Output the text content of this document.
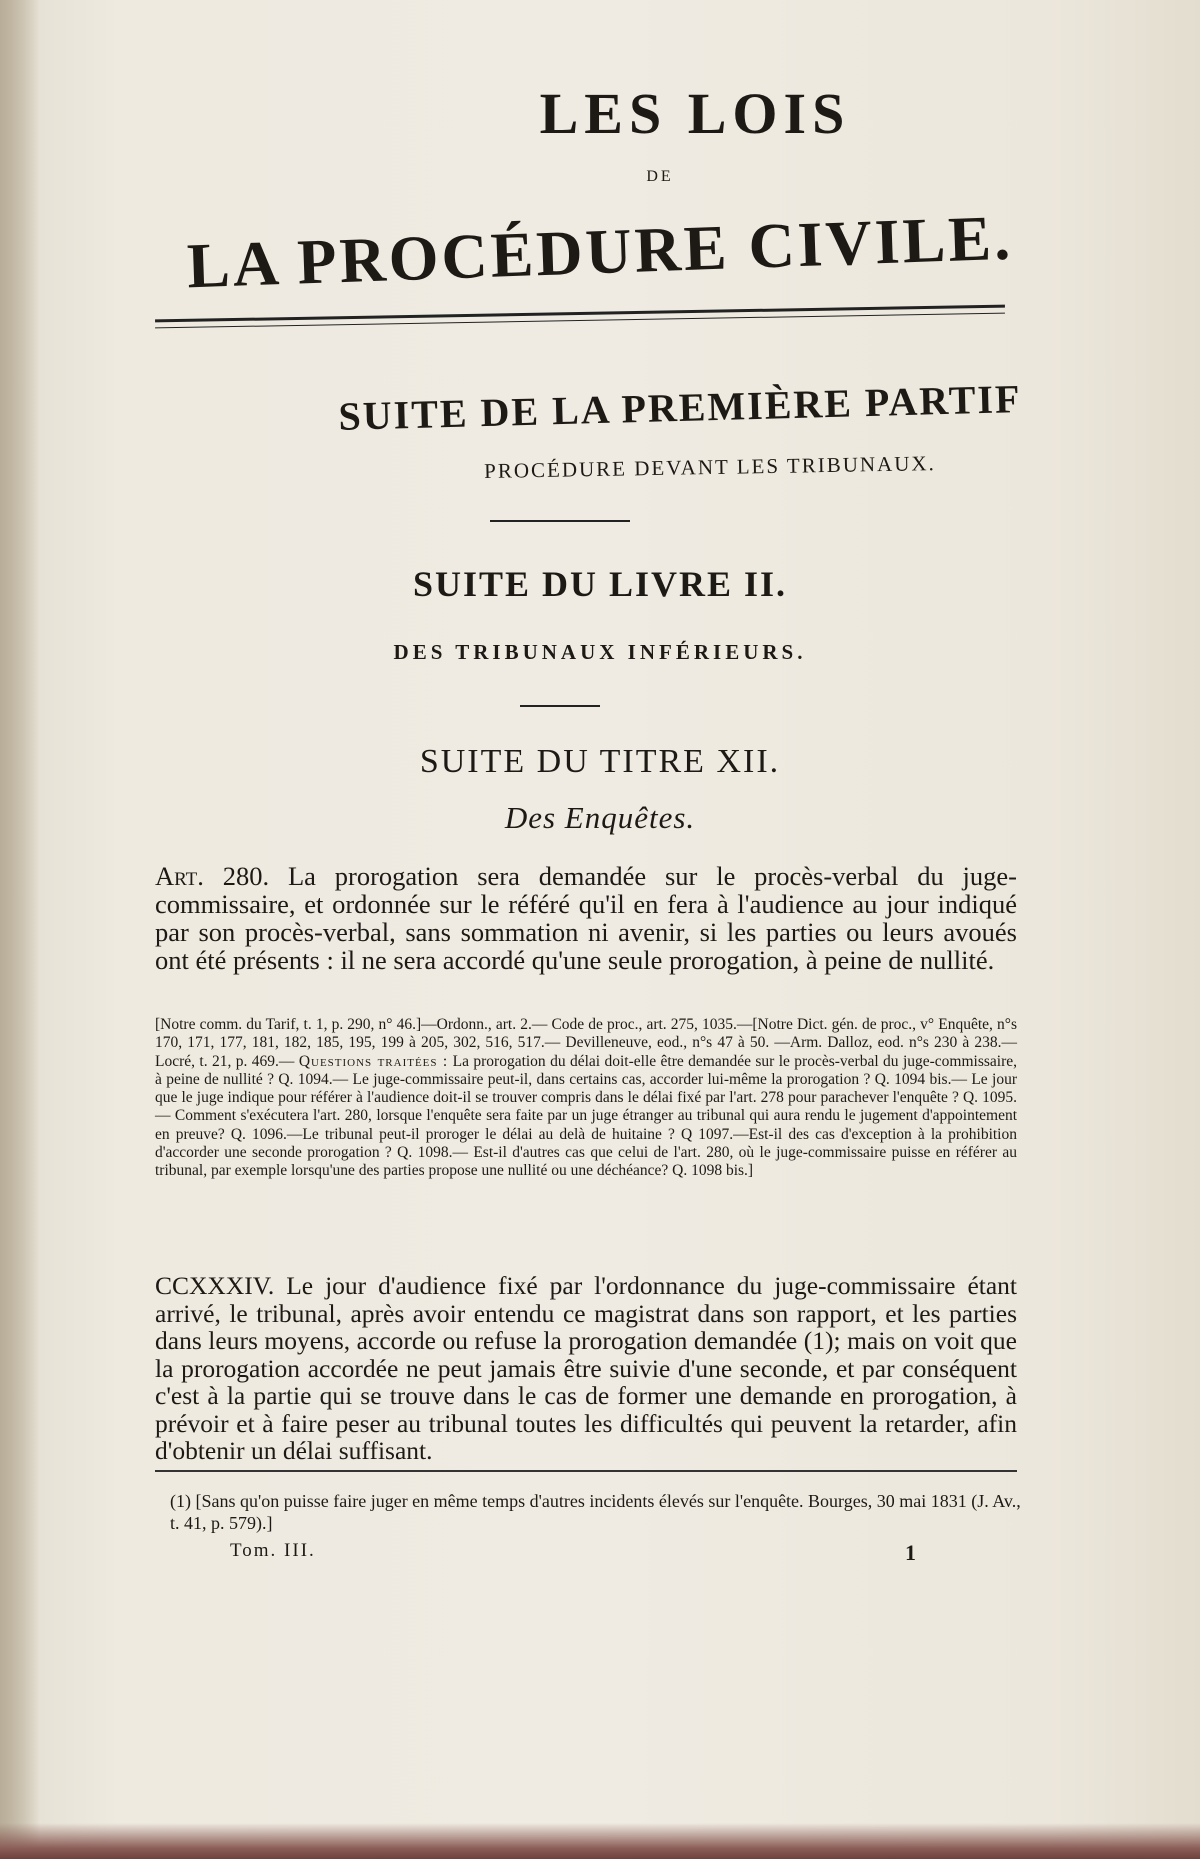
LES LOIS
DE
LA PROCÉDURE CIVILE.
SUITE DE LA PREMIÈRE PARTIF
PROCÉDURE DEVANT LES TRIBUNAUX.
SUITE DU LIVRE II.
DES TRIBUNAUX INFÉRIEURS.
SUITE DU TITRE XII.
Des Enquêtes.
Art. 280. La prorogation sera demandée sur le procès-verbal du juge-commissaire, et ordonnée sur le référé qu'il en fera à l'audience au jour indiqué par son procès-verbal, sans sommation ni avenir, si les parties ou leurs avoués ont été présents : il ne sera accordé qu'une seule prorogation, à peine de nullité.
[Notre comm. du Tarif, t. 1, p. 290, n° 46.]—Ordonn., art. 2.— Code de proc., art. 275, 1035.—[Notre Dict. gén. de proc., v° Enquête, n°s 170, 171, 177, 181, 182, 185, 195, 199 à 205, 302, 516, 517.— Devilleneuve, eod., n°s 47 à 50. —Arm. Dalloz, eod. n°s 230 à 238.—Locré, t. 21, p. 469.— Questions traitées : La prorogation du délai doit-elle être demandée sur le procès-verbal du juge-commissaire, à peine de nullité ? Q. 1094.— Le juge-commissaire peut-il, dans certains cas, accorder lui-même la prorogation ? Q. 1094 bis.— Le jour que le juge indique pour référer à l'audience doit-il se trouver compris dans le délai fixé par l'art. 278 pour parachever l'enquête ? Q. 1095.— Comment s'exécutera l'art. 280, lorsque l'enquête sera faite par un juge étranger au tribunal qui aura rendu le jugement d'appointement en preuve? Q. 1096.—Le tribunal peut-il proroger le délai au delà de huitaine ? Q 1097.—Est-il des cas d'exception à la prohibition d'accorder une seconde prorogation ? Q. 1098.— Est-il d'autres cas que celui de l'art. 280, où le juge-commissaire puisse en référer au tribunal, par exemple lorsqu'une des parties propose une nullité ou une déchéance? Q. 1098 bis.]
CCXXXIV. Le jour d'audience fixé par l'ordonnance du juge-commissaire étant arrivé, le tribunal, après avoir entendu ce magistrat dans son rapport, et les parties dans leurs moyens, accorde ou refuse la prorogation demandée (1); mais on voit que la prorogation accordée ne peut jamais être suivie d'une seconde, et par conséquent c'est à la partie qui se trouve dans le cas de former une demande en prorogation, à prévoir et à faire peser au tribunal toutes les difficultés qui peuvent la retarder, afin d'obtenir un délai suffisant.
(1) [Sans qu'on puisse faire juger en même temps d'autres incidents élevés sur l'enquête. Bourges, 30 mai 1831 (J. Av., t. 41, p. 579).]
Tom. III.	1
